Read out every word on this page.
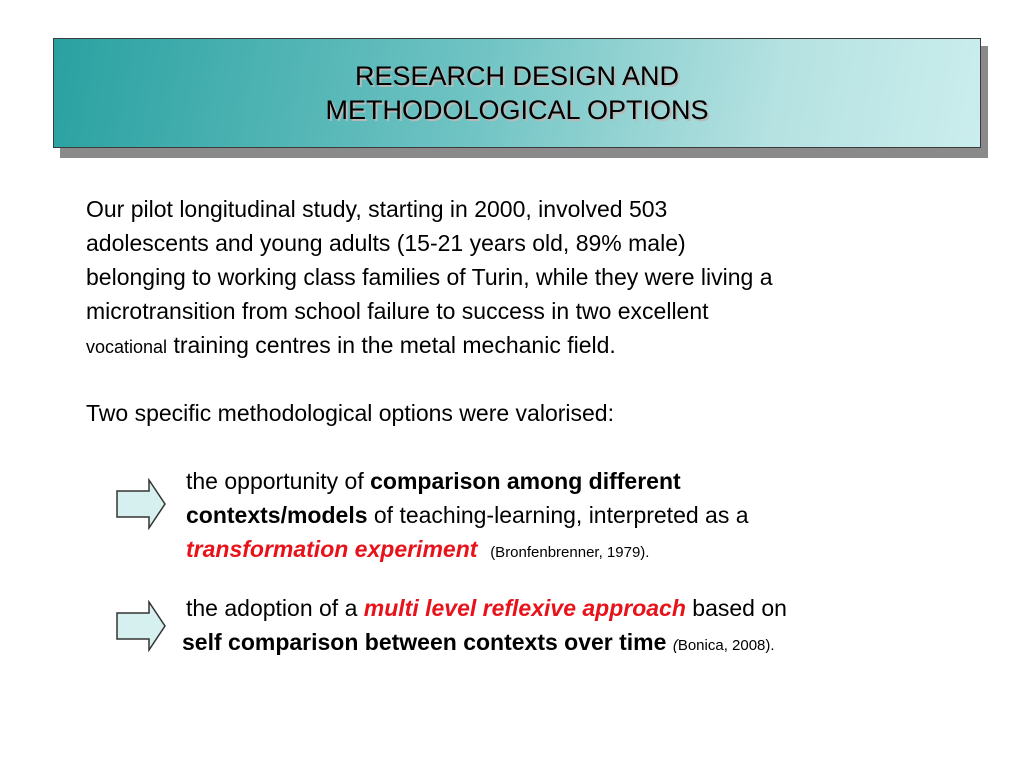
RESEARCH DESIGN AND
METHODOLOGICAL OPTIONS
Our pilot longitudinal study, starting in 2000, involved 503
adolescents and young adults (15-21 years old, 89% male)
belonging to working class families of Turin, while they were living a
microtransition from school failure to success in two excellent
vocational training centres in the metal mechanic field.
Two specific methodological options were valorised:
the opportunity of comparison among different
contexts/models of teaching-learning, interpreted as a
transformation experiment (Bronfenbrenner, 1979).
the adoption of a multi level reflexive approach based on
self comparison between contexts over time (Bonica, 2008).
